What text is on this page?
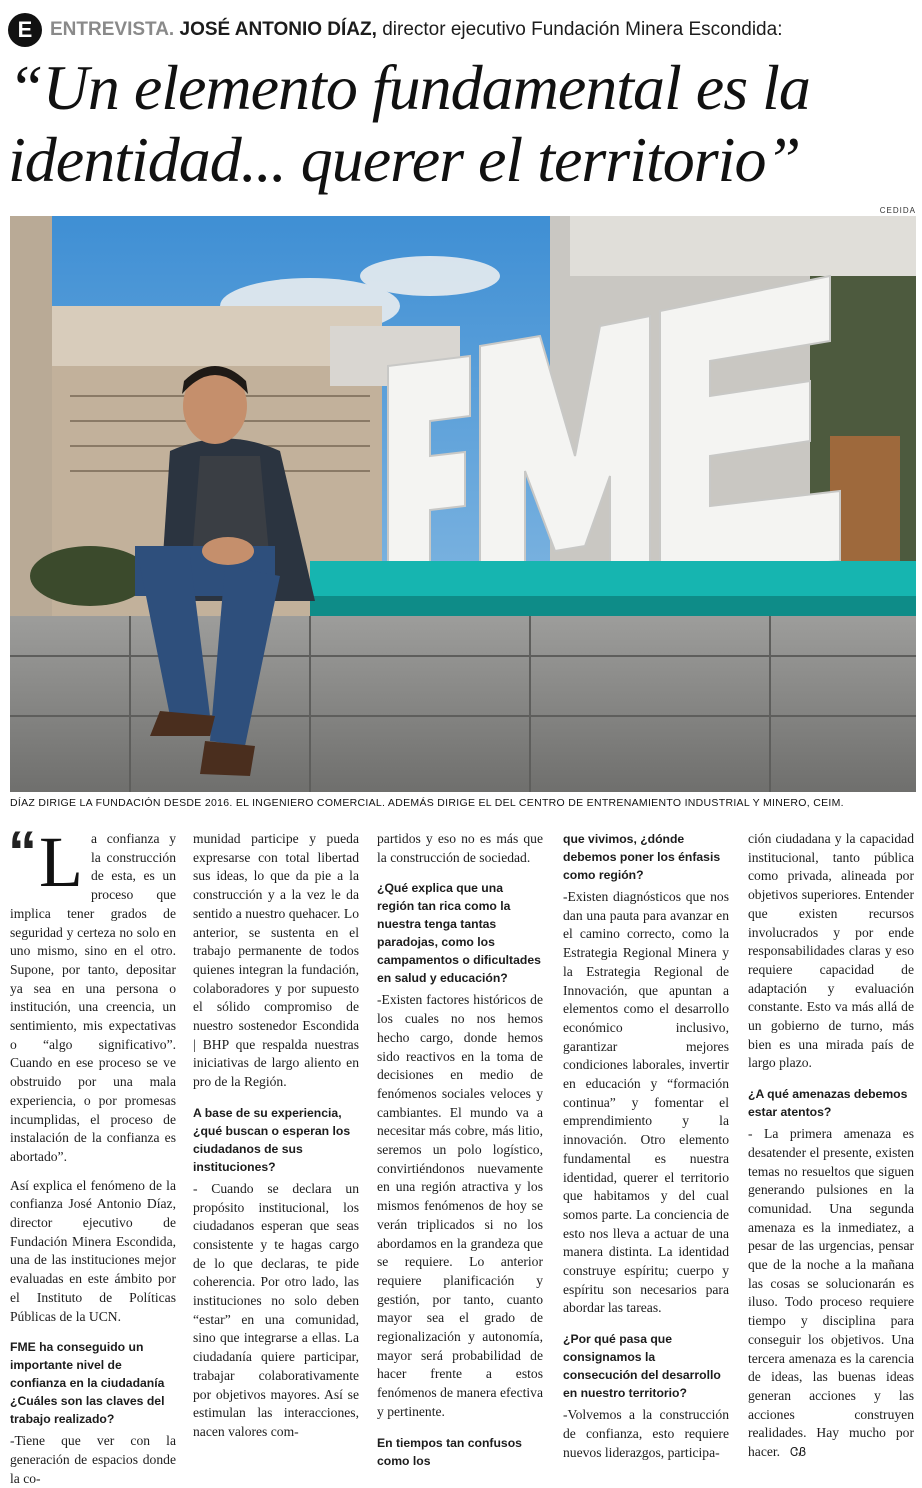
E ENTREVISTA. JOSÉ ANTONIO DÍAZ, director ejecutivo Fundación Minera Escondida:
“Un elemento fundamental es la identidad... querer el territorio”
CEDIDA
DÍAZ DIRIGE LA FUNDACIÓN DESDE 2016. EL INGENIERO COMERCIAL. ADEMÁS DIRIGE EL DEL CENTRO DE ENTRENAMIENTO INDUSTRIAL Y MINERO, CEIM.
“ L a confianza y la construcción de esta, es un proceso que implica tener grados de seguridad y certeza no solo en uno mismo, sino en el otro. Supone, por tanto, depositar ya sea en una persona o institución, una creencia, un sentimiento, mis expectativas o “algo significativo”. Cuando en ese proceso se ve obstruido por una mala experiencia, o por promesas incumplidas, el proceso de instalación de la confianza es abortado”.

Así explica el fenómeno de la confianza José Antonio Díaz, director ejecutivo de Fundación Minera Escondida, una de las instituciones mejor evaluadas en este ámbito por el Instituto de Políticas Públicas de la UCN.

FME ha conseguido un importante nivel de confianza en la ciudadanía ¿Cuáles son las claves del trabajo realizado?

-Tiene que ver con la generación de espacios donde la co-

munidad participe y pueda expresarse con total libertad sus ideas, lo que da pie a la construcción y a la vez le da sentido a nuestro quehacer. Lo anterior, se sustenta en el trabajo permanente de todos quienes integran la fundación, colaboradores y por supuesto el sólido compromiso de nuestro sostenedor Escondida | BHP que respalda nuestras iniciativas de largo aliento en pro de la Región.

A base de su experiencia, ¿qué buscan o esperan los ciudadanos de sus instituciones?

- Cuando se declara un propósito institucional, los ciudadanos esperan que seas consistente y te hagas cargo de lo que declaras, te pide coherencia. Por otro lado, las instituciones no solo deben “estar” en una comunidad, sino que integrarse a ellas. La ciudadanía quiere participar, trabajar colaborativamente por objetivos mayores. Así se estimulan las interacciones, nacen valores com-

partidos y eso no es más que la construcción de sociedad.

¿Qué explica que una región tan rica como la nuestra tenga tantas paradojas, como los campamentos o dificultades en salud y educación?

-Existen factores históricos de los cuales no nos hemos hecho cargo, donde hemos sido reactivos en la toma de decisiones en medio de fenómenos sociales veloces y cambiantes. El mundo va a necesitar más cobre, más litio, seremos un polo logístico, convirtiéndonos nuevamente en una región atractiva y los mismos fenómenos de hoy se verán triplicados si no los abordamos en la grandeza que se requiere. Lo anterior requiere planificación y gestión, por tanto, cuanto mayor sea el grado de regionalización y autonomía, mayor será probabilidad de hacer frente a estos fenómenos de manera efectiva y pertinente.

En tiempos tan confusos como los

que vivimos, ¿dónde debemos poner los énfasis como región?

-Existen diagnósticos que nos dan una pauta para avanzar en el camino correcto, como la Estrategia Regional Minera y la Estrategia Regional de Innovación, que apuntan a elementos como el desarrollo económico inclusivo, garantizar mejores condiciones laborales, invertir en educación y “formación continua” y fomentar el emprendimiento y la innovación. Otro elemento fundamental es nuestra identidad, querer el territorio que habitamos y del cual somos parte. La conciencia de esto nos lleva a actuar de una manera distinta. La identidad construye espíritu; cuerpo y espíritu son necesarios para abordar las tareas.

¿Por qué pasa que consignamos la consecución del desarrollo en nuestro territorio?

-Volvemos a la construcción de confianza, esto requiere nuevos liderazgos, participa-

ción ciudadana y la capacidad institucional, tanto pública como privada, alineada por objetivos superiores. Entender que existen recursos involucrados y por ende responsabilidades claras y eso requiere capacidad de adaptación y evaluación constante. Esto va más allá de un gobierno de turno, más bien es una mirada país de largo plazo.

¿A qué amenazas debemos estar atentos?

- La primera amenaza es desatender el presente, existen temas no resueltos que siguen generando pulsiones en la comunidad. Una segunda amenaza es la inmediatez, a pesar de las urgencias, pensar que de la noche a la mañana las cosas se solucionarán es iluso. Todo proceso requiere tiempo y disciplina para conseguir los objetivos. Una tercera amenaza es la carencia de ideas, las buenas ideas generan acciones y las acciones construyen realidades. Hay mucho por hacer. ᏣᏰ
